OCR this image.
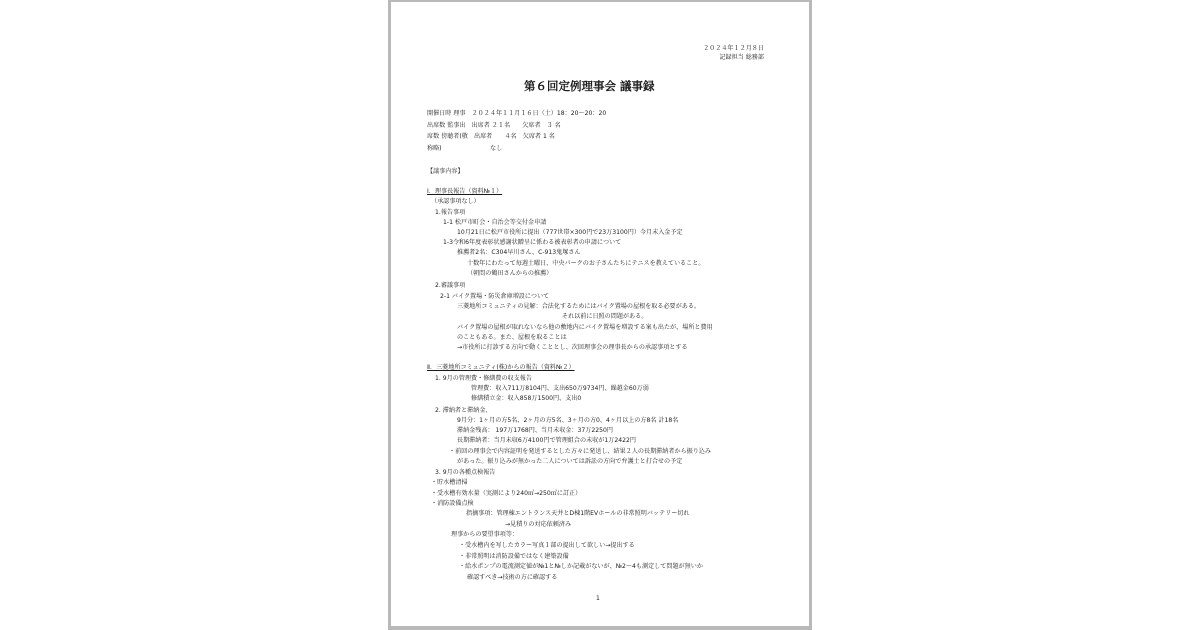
２０２４年１２月８日
記録担当 総務部
第６回定例理事会 議事録
開催日時 理事　２０２４年１１月１６日（土）18：20〜20：20
出席数 監事出　出席者 ２１名　　欠席者　３ 名
席数 傍聴者(敬　出席者　　４名　欠席者 1 名
称略)	なし
【議事内容】
Ⅰ．理事長報告（資料№１）
（承認事項なし）
1.報告事項
1-1 松戸市町会・自治会等交付金申請
10月21日に松戸市役所に提出（777世帯×300円で23万3100円）今月末入金予定
1-3令和6年度表彰状感謝状贈呈に係わる被表彰者の申請について
推薦者2名：C304早川さん、C-913鬼塚さん
十数年にわたって毎週土曜日、中央パークのお子さんたちにテニスを教えていること。
（朝問の鶴田さんからの推薦）
2.審議事項
2-1 バイク置場・防災倉庫増設について
三菱地所コミュニティの見解：合法化するためにはバイク置場の屋根を取る必要がある。
それ以前に日照の問題がある。
バイク置場の屋根が取れないなら他の敷地内にバイク置場を増設する案も出たが、場所と費用
のこともある。また、屋根を取ることは
→市役所に打診する方向で動くこととし、次回理事会の理事長からの承認事項とする
Ⅱ．三菱地所コミュニティ(株)からの報告（資料№２）
1. 9月の管理費・修繕費の収支報告
管理費：収入711万8104円、支出650万9734円、繰越金60万弱
修繕積立金：収入858万1500円、支出0
2. 滞納者と滞納金、
9月分：1ヶ月の方5名、2ヶ月の方5名、3ヶ月の方0、4ヶ月以上の方8名 計18名
滞納金残高： 197万1768円、当月未収金：37万2250円
長期滞納者：当月未収6万4100円で管理組合の未収が1万2422円
・前回の理事会で内容証明を発送するとした方々に発送し、結果２人の長期滞納者から振り込み
があった。振り込みが無かった二人については訴訟の方向で弁護士と打合せの予定
3. 9月の各種点検報告
・貯水槽清掃
・受水槽有効水量（実測により240㎥→250㎥に訂正）
・消防設備点検
指摘事項：管理棟エントランス天井とD棟1階EVホールの非常照明バッテリー切れ
→見積りの対応依頼済み
理事からの要望事項等：
・受水槽内を写したカラー写真１部の提出して欲しい→提出する
・非常照明は消防設備ではなく建築設備
・給水ポンプの電流測定値が№1と№しか記載がないが、№2〜4も測定して問題が無いか
確認すべき→技術の方に確認する
1
